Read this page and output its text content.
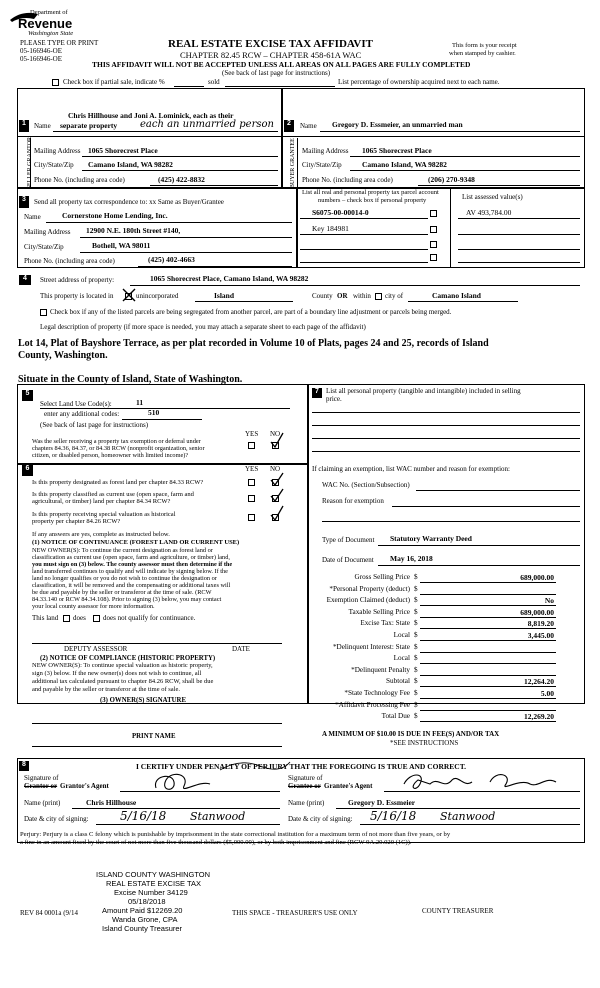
Department of
Revenue
Washington State
PLEASE TYPE OR PRINT
05-166946-OE
05-166946-OE
REAL ESTATE EXCISE TAX AFFIDAVIT
CHAPTER 82.45 RCW – CHAPTER 458-61A WAC
This form is your receipt
when stamped by cashier.
THIS AFFIDAVIT WILL NOT BE ACCEPTED UNLESS ALL AREAS ON ALL PAGES ARE FULLY COMPLETED
(See back of last page for instructions)
Check box if partial sale, indicate %	sold	List percentage of ownership acquired next to each name.
Chris Hillhouse and Joni A. Lominick, each as their
1	Name separate property each an unmarried person
SELLER GRANTOR Mailing Address 1065 Shorecrest Place
City/State/Zip Camano Island, WA 98282
Phone No. (including area code)	(425) 422-8832
2	Name Gregory D. Essmeier, an unmarried man
BUYER GRANTEE Mailing Address 1065 Shorecrest Place
City/State/Zip	Camano Island, WA 98282
Phone No. (including area code)	(206) 270-9348
3	Send all property tax correspondence to: xx Same as Buyer/Grantee
Name	Cornerstone Home Lending, Inc.
Mailing Address 12900 N.E. 180th Street #140,
City/State/Zip	Bothell, WA 98011
Phone No. (including area code)	(425) 402-4663
List all real and personal property tax parcel account
numbers – check box if personal property	List assessed value(s)
S6075-00-00014-0	AV 493,784.00
Key 184981
4	Street address of property:	1065 Shorecrest Place, Camano Island, WA 98282
This property is located in	unincorporated	Island	County OR within city of	Camano Island
Check box if any of the listed parcels are being segregated from another parcel, are part of a boundary line adjustment or parcels being merged.
Legal description of property (if more space is needed, you may attach a separate sheet to each page of the affidavit)
Lot 14, Plat of Bayshore Terrace, as per plat recorded in Volume 10 of Plats, pages 24 and 25, records of Island
County, Washington.
Situate in the County of Island, State of Washington.
5
Select Land Use Code(s):	11
enter any additional codes:	510
(See back of last page for instructions)
YES NO
Was the seller receiving a property tax exemption or deferral under
chapters 84.36, 84.37, or 84.38 RCW (nonprofit organization, senior
citizen, or disabled person, homeowner with limited income)?
6	YES NO
Is this property designated as forest land per chapter 84.33 RCW?
Is this property classified as current use (open space, farm and
agricultural, or timber) land per chapter 84.34 RCW?
Is this property receiving special valuation as historical
property per chapter 84.26 RCW?
If any answers are yes, complete as instructed below.
(1) NOTICE OF CONTINUANCE (FOREST LAND OR CURRENT USE)
NEW OWNER(S): To continue the current designation as forest land or
classification as current use (open space, farm and agriculture, or timber) land,
you must sign on (3) below. The county assessor must then determine if the
land transferred continues to qualify and will indicate by signing below. If the
land no longer qualifies or you do not wish to continue the designation or
classification, it will be removed and the compensating or additional taxes will
be due and payable by the seller or transferor at the time of sale. (RCW
84.33.140 or RCW 84.34.108). Prior to signing (3) below, you may contact
your local county assessor for more information.
This land does does not qualify for continuance.
DEPUTY ASSESSOR	DATE
(2) NOTICE OF COMPLIANCE (HISTORIC PROPERTY)
NEW OWNER(S): To continue special valuation as historic property,
sign (3) below. If the new owner(s) does not wish to continue, all
additional tax calculated pursuant to chapter 84.26 RCW, shall be due
and payable by the seller or transferor at the time of sale.
(3) OWNER(S) SIGNATURE
PRINT NAME
7	List all personal property (tangible and intangible) included in selling
price.
If claiming an exemption, list WAC number and reason for exemption:
WAC No. (Section/Subsection)
Reason for exemption
Type of Document Statutory Warranty Deed
Date of Document May 16, 2018
Gross Selling Price $	689,000.00
*Personal Property (deduct) $
Exemption Claimed (deduct) $	No
Taxable Selling Price $	689,000.00
Excise Tax: State $	8,819.20
Local $	3,445.00
*Delinquent Interest: State $
Local $
*Delinquent Penalty $
Subtotal $	12,264.20
*State Technology Fee $	5.00
*Affidavit Processing Fee $
Total Due $	12,269.20
A MINIMUM OF $10.00 IS DUE IN FEE(S) AND/OR TAX
*SEE INSTRUCTIONS
8	I CERTIFY UNDER PENALTY OF PERJURY THAT THE FOREGOING IS TRUE AND CORRECT.
Signature of
Grantor or Grantor's Agent
Name (print)	Chris Hillhouse
Date & city of signing:	5/16/18 Stanwood
Signature of
Grantee or Grantee's Agent
Name (print)	Gregory D. Essmeier
Date & city of signing: 5/16/18 Stanwood
Perjury: Perjury is a class C felony which is punishable by imprisonment in the state correctional institution for a maximum term of not more than five years, or by
a fine in an amount fixed by the court of not more than five thousand dollars ($5,000.00), or by both imprisonment and fine (RCW 9A.20.020 (1C)).
ISLAND COUNTY WASHINGTON
REAL ESTATE EXCISE TAX
Excise Number 34129
05/18/2018
Amount Paid $12269.20
Wanda Grone, CPA
Island County Treasurer
REV 84 0001a (9/14	THIS SPACE - TREASURER'S USE ONLY	COUNTY TREASURER
